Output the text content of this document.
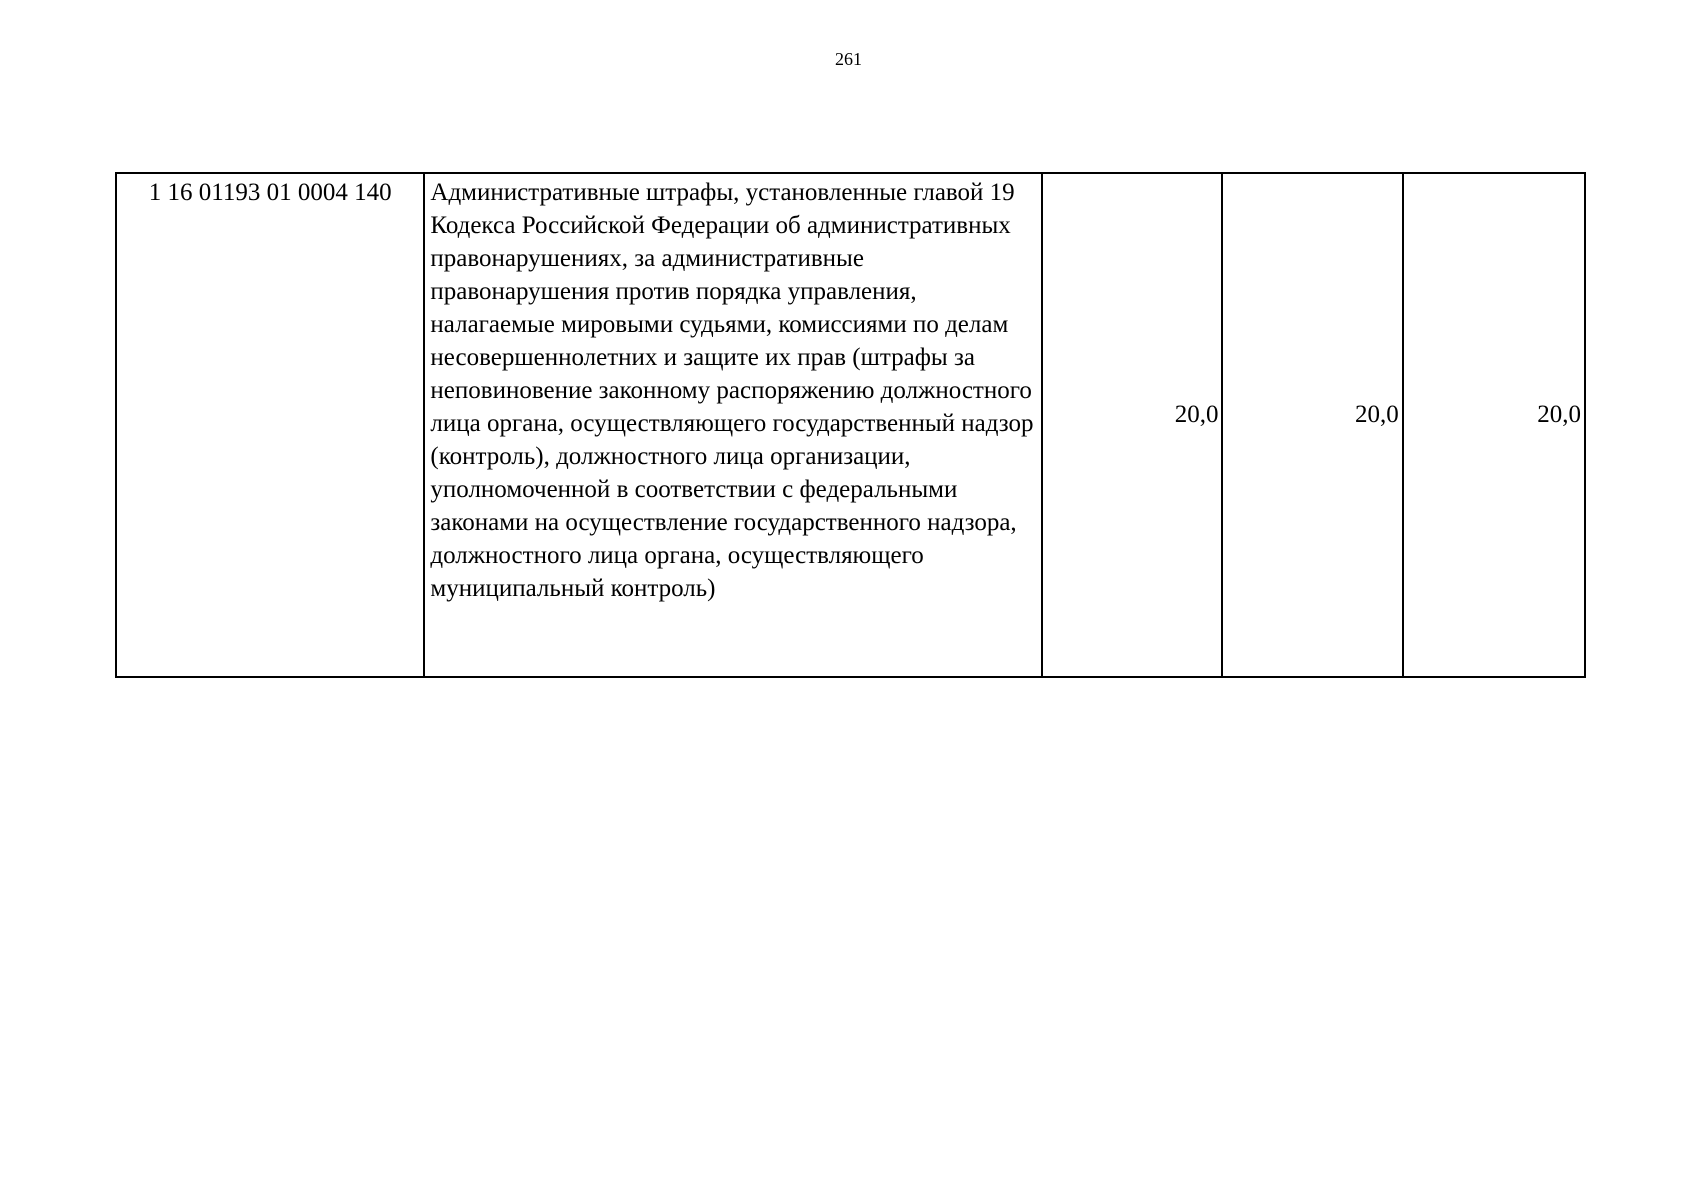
261
1 16 01193 01 0004 140	Административные штрафы, установленные главой 19 Кодекса Российской Федерации об административных правонарушениях, за административные правонарушения против порядка управления, налагаемые мировыми судьями, комиссиями по делам несовершеннолетних и защите их прав (штрафы за неповиновение законному распоряжению должностного лица органа, осуществляющего государственный надзор (контроль), должностного лица организации, уполномоченной в соответствии с федеральными законами на осуществление государственного надзора, должностного лица органа, осуществляющего муниципальный контроль)	20,0	20,0	20,0
